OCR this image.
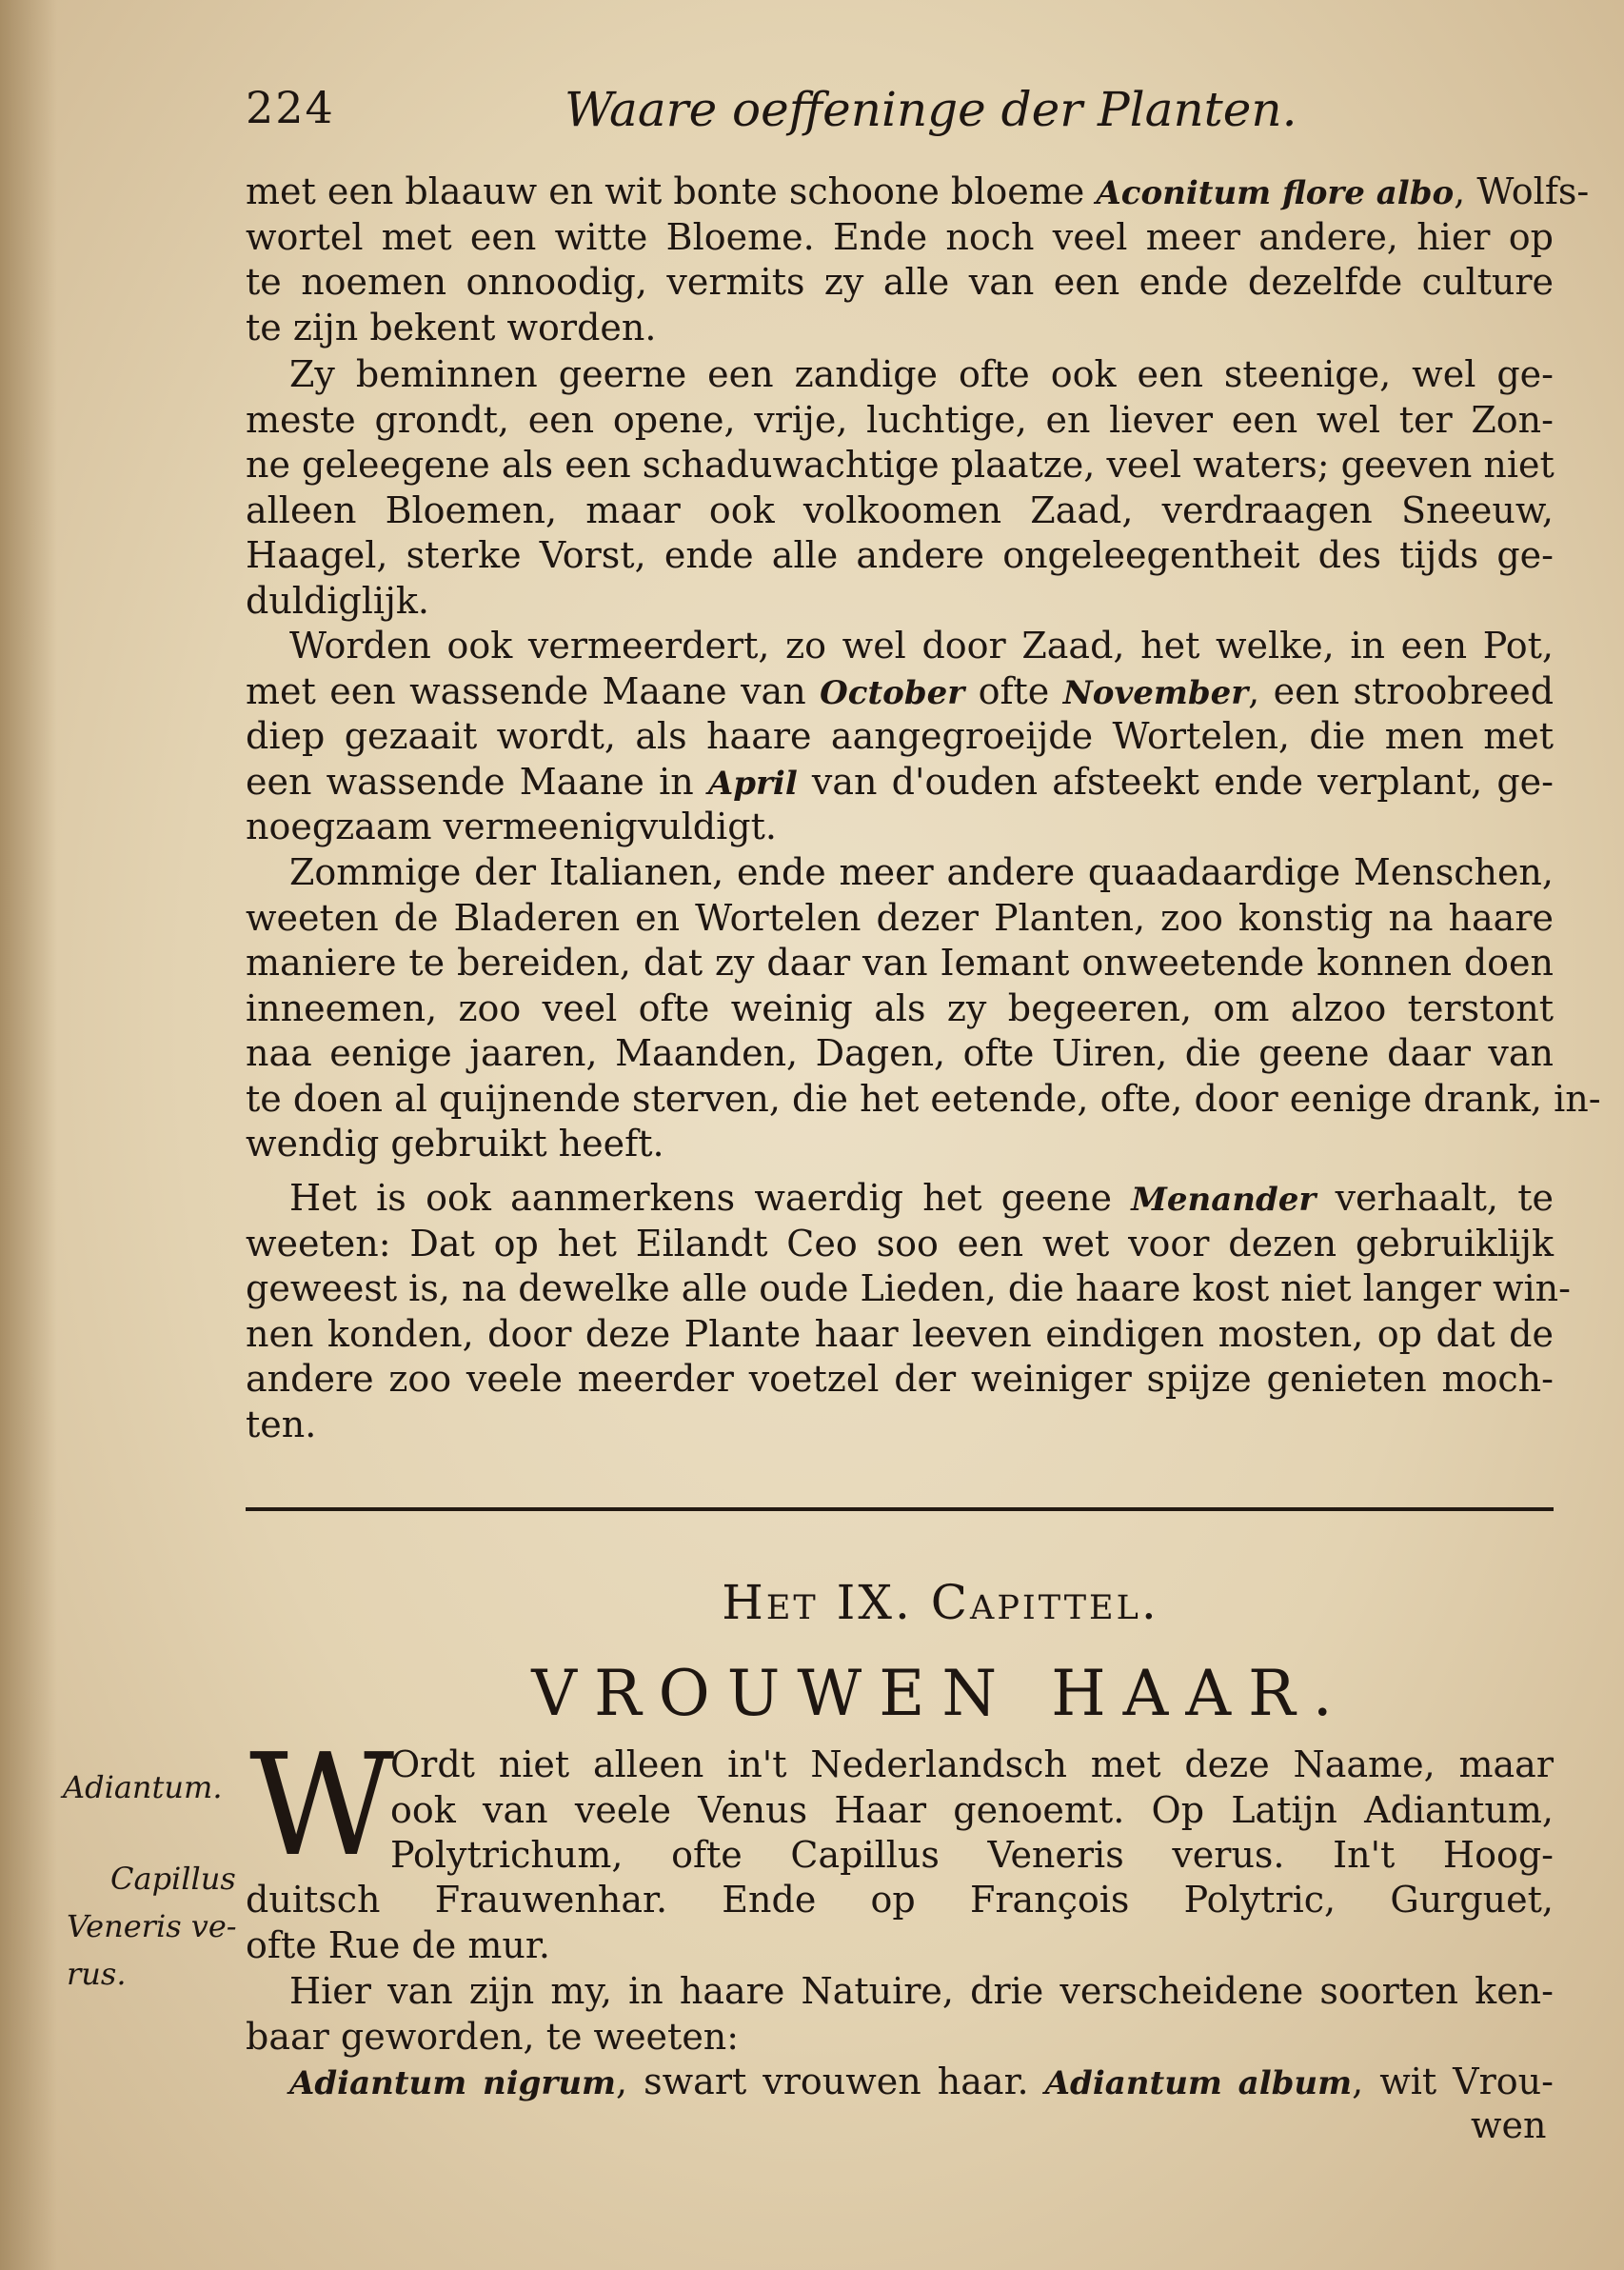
224	Waare oeffeninge der Planten.
met een blaauw en wit bonte schoone bloeme Aconitum flore albo, Wolfs-
wortel met een witte Bloeme. Ende noch veel meer andere, hier op
te noemen onnoodig, vermits zy alle van een ende dezelfde culture
te zijn bekent worden.
Zy beminnen geerne een zandige ofte ook een steenige, wel ge-
meste grondt, een opene, vrije, luchtige, en liever een wel ter Zon-
ne geleegene als een schaduwachtige plaatze, veel waters; geeven niet
alleen Bloemen, maar ook volkoomen Zaad, verdraagen Sneeuw,
Haagel, sterke Vorst, ende alle andere ongeleegentheit des tijds ge-
duldiglijk.
Worden ook vermeerdert, zo wel door Zaad, het welke, in een Pot,
met een wassende Maane van October ofte November, een stroobreed
diep gezaait wordt, als haare aangegroeijde Wortelen, die men met
een wassende Maane in April van d'ouden afsteekt ende verplant, ge-
noegzaam vermeenigvuldigt.
Zommige der Italianen, ende meer andere quaadaardige Menschen,
weeten de Bladeren en Wortelen dezer Planten, zoo konstig na haare
maniere te bereiden, dat zy daar van Iemant onweetende konnen doen
inneemen, zoo veel ofte weinig als zy begeeren, om alzoo terstont
naa eenige jaaren, Maanden, Dagen, ofte Uiren, die geene daar van
te doen al quijnende sterven, die het eetende, ofte, door eenige drank, in-
wendig gebruikt heeft.
Het is ook aanmerkens waerdig het geene Menander verhaalt, te
weeten: Dat op het Eilandt Ceo soo een wet voor dezen gebruiklijk
geweest is, na dewelke alle oude Lieden, die haare kost niet langer win-
nen konden, door deze Plante haar leeven eindigen mosten, op dat de
andere zoo veele meerder voetzel der weiniger spijze genieten moch-
ten.
Het IX. Capittel.
VROUWEN HAAR.
W
Ordt niet alleen in't Nederlandsch met deze Naame, maar
ook van veele Venus Haar genoemt. Op Latijn Adiantum,
Polytrichum, ofte Capillus Veneris verus. In't Hoog-
duitsch Frauwenhar. Ende op François Polytric, Gurguet,
ofte Rue de mur.
Hier van zijn my, in haare Natuire, drie verscheidene soorten ken-
baar geworden, te weeten:
Adiantum nigrum, swart vrouwen haar. Adiantum album, wit Vrou-
wen
Adiantum.
Capillus
Veneris ve-
rus.
